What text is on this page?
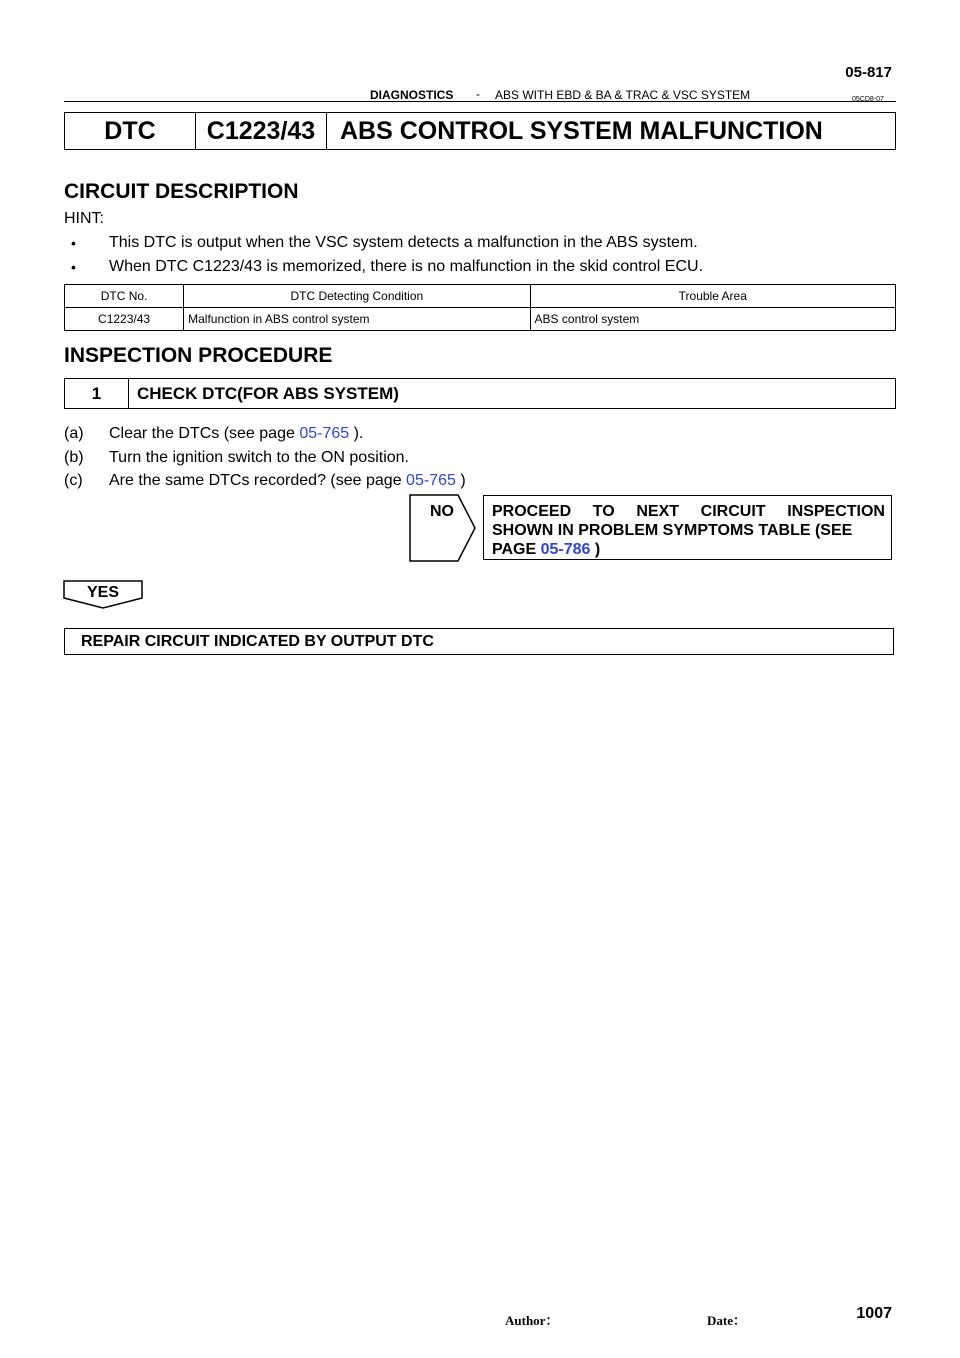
05-817
DIAGNOSTICS - ABS WITH EBD & BA & TRAC & VSC SYSTEM	05CD8-07
DTC	C1223/43 ABS CONTROL SYSTEM MALFUNCTION
CIRCUIT DESCRIPTION
HINT:
• This DTC is output when the VSC system detects a malfunction in the ABS system.
• When DTC C1223/43 is memorized, there is no malfunction in the skid control ECU.
DTC No.	DTC Detecting Condition	Trouble Area
C1223/43	Malfunction in ABS control system	ABS control system
INSPECTION PROCEDURE
1	CHECK DTC(FOR ABS SYSTEM)
(a) Clear the DTCs (see page 05-765 ).
(b) Turn the ignition switch to the ON position.
(c) Are the same DTCs recorded? (see page 05-765 )
NO PROCEED TO NEXT CIRCUIT INSPECTION
SHOWN IN PROBLEM SYMPTOMS TABLE (SEE
PAGE 05-786 )
YES
REPAIR CIRCUIT INDICATED BY OUTPUT DTC
1007
Author：	Date：
